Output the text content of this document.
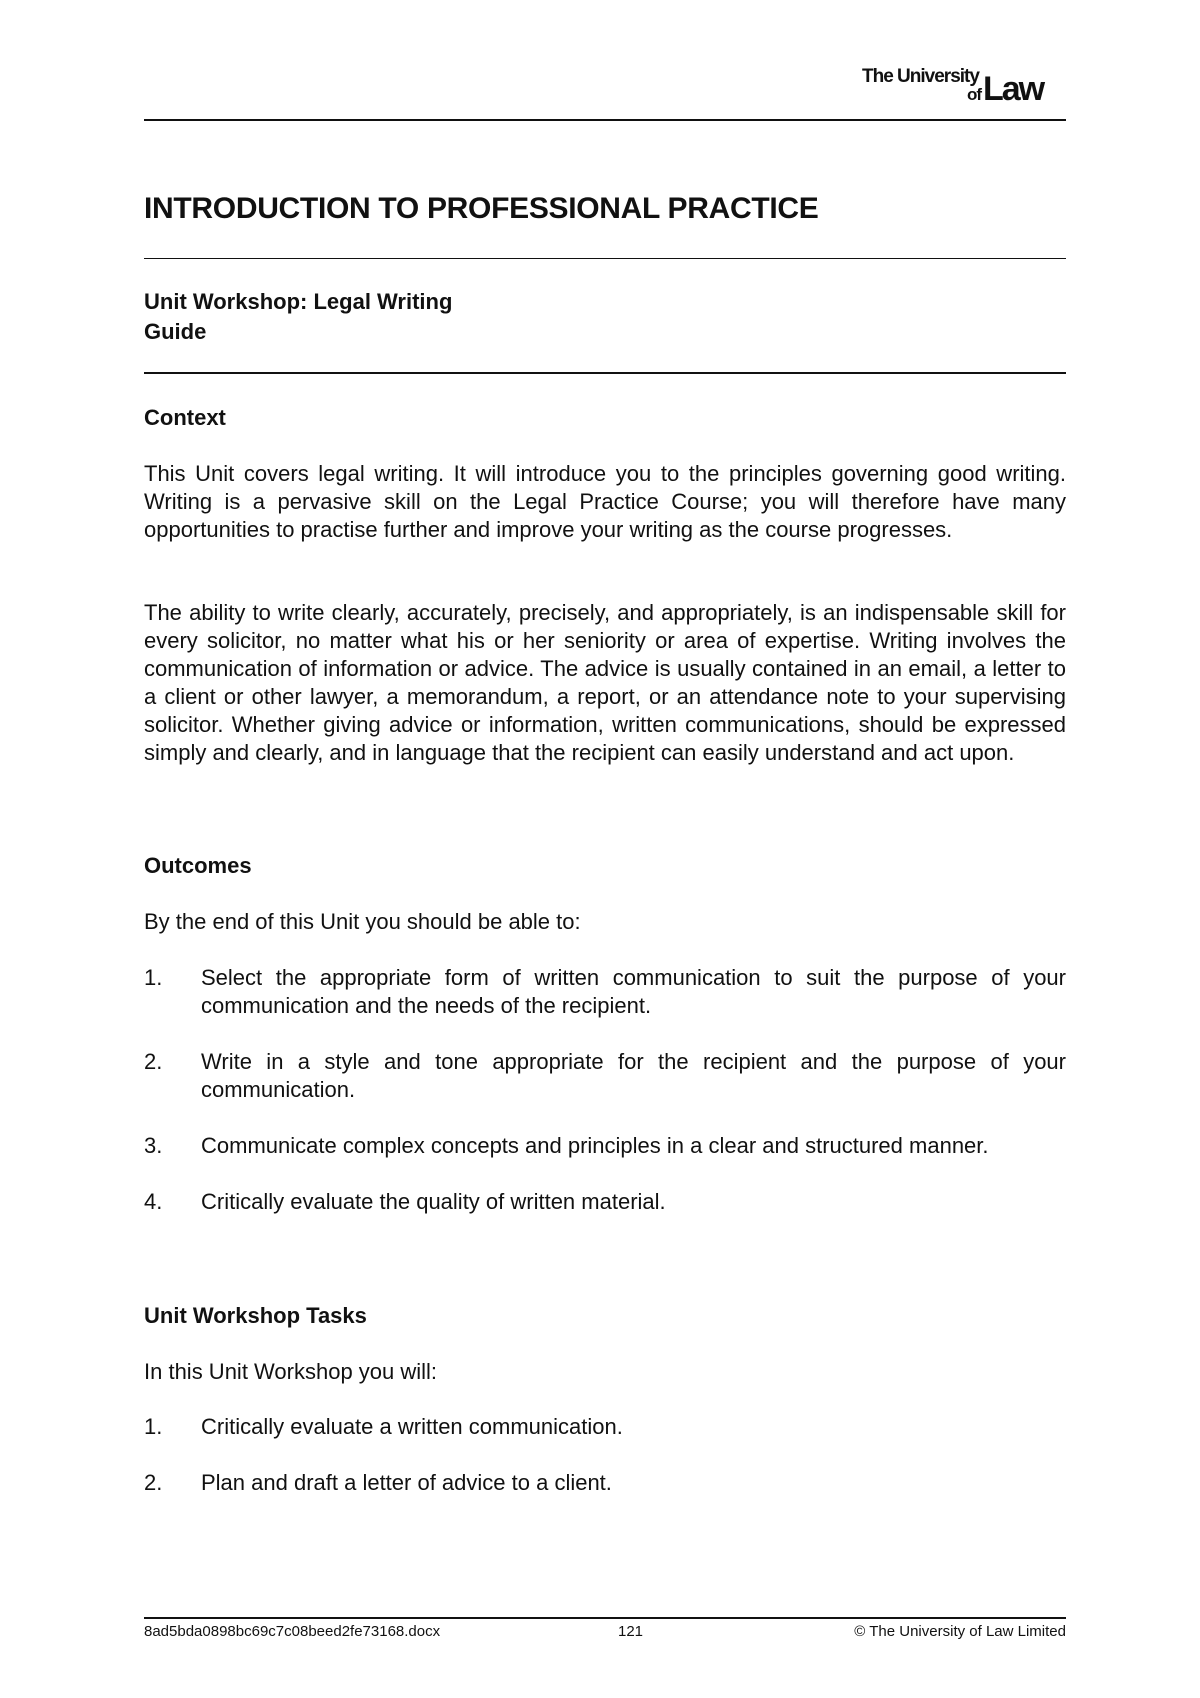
The University
of Law
INTRODUCTION TO PROFESSIONAL PRACTICE
Unit Workshop: Legal Writing
Guide
Context
This Unit covers legal writing. It will introduce you to the principles governing good writing. Writing is a pervasive skill on the Legal Practice Course; you will therefore have many opportunities to practise further and improve your writing as the course progresses.
The ability to write clearly, accurately, precisely, and appropriately, is an indispensable skill for every solicitor, no matter what his or her seniority or area of expertise. Writing involves the communication of information or advice. The advice is usually contained in an email, a letter to a client or other lawyer, a memorandum, a report, or an attendance note to your supervising solicitor. Whether giving advice or information, written communications, should be expressed simply and clearly, and in language that the recipient can easily understand and act upon.
Outcomes
By the end of this Unit you should be able to:
1. Select the appropriate form of written communication to suit the purpose of your communication and the needs of the recipient.
2. Write in a style and tone appropriate for the recipient and the purpose of your communication.
3. Communicate complex concepts and principles in a clear and structured manner.
4. Critically evaluate the quality of written material.
Unit Workshop Tasks
In this Unit Workshop you will:
1. Critically evaluate a written communication.
2. Plan and draft a letter of advice to a client.
8ad5bda0898bc69c7c08beed2fe73168.docx	121	© The University of Law Limited
